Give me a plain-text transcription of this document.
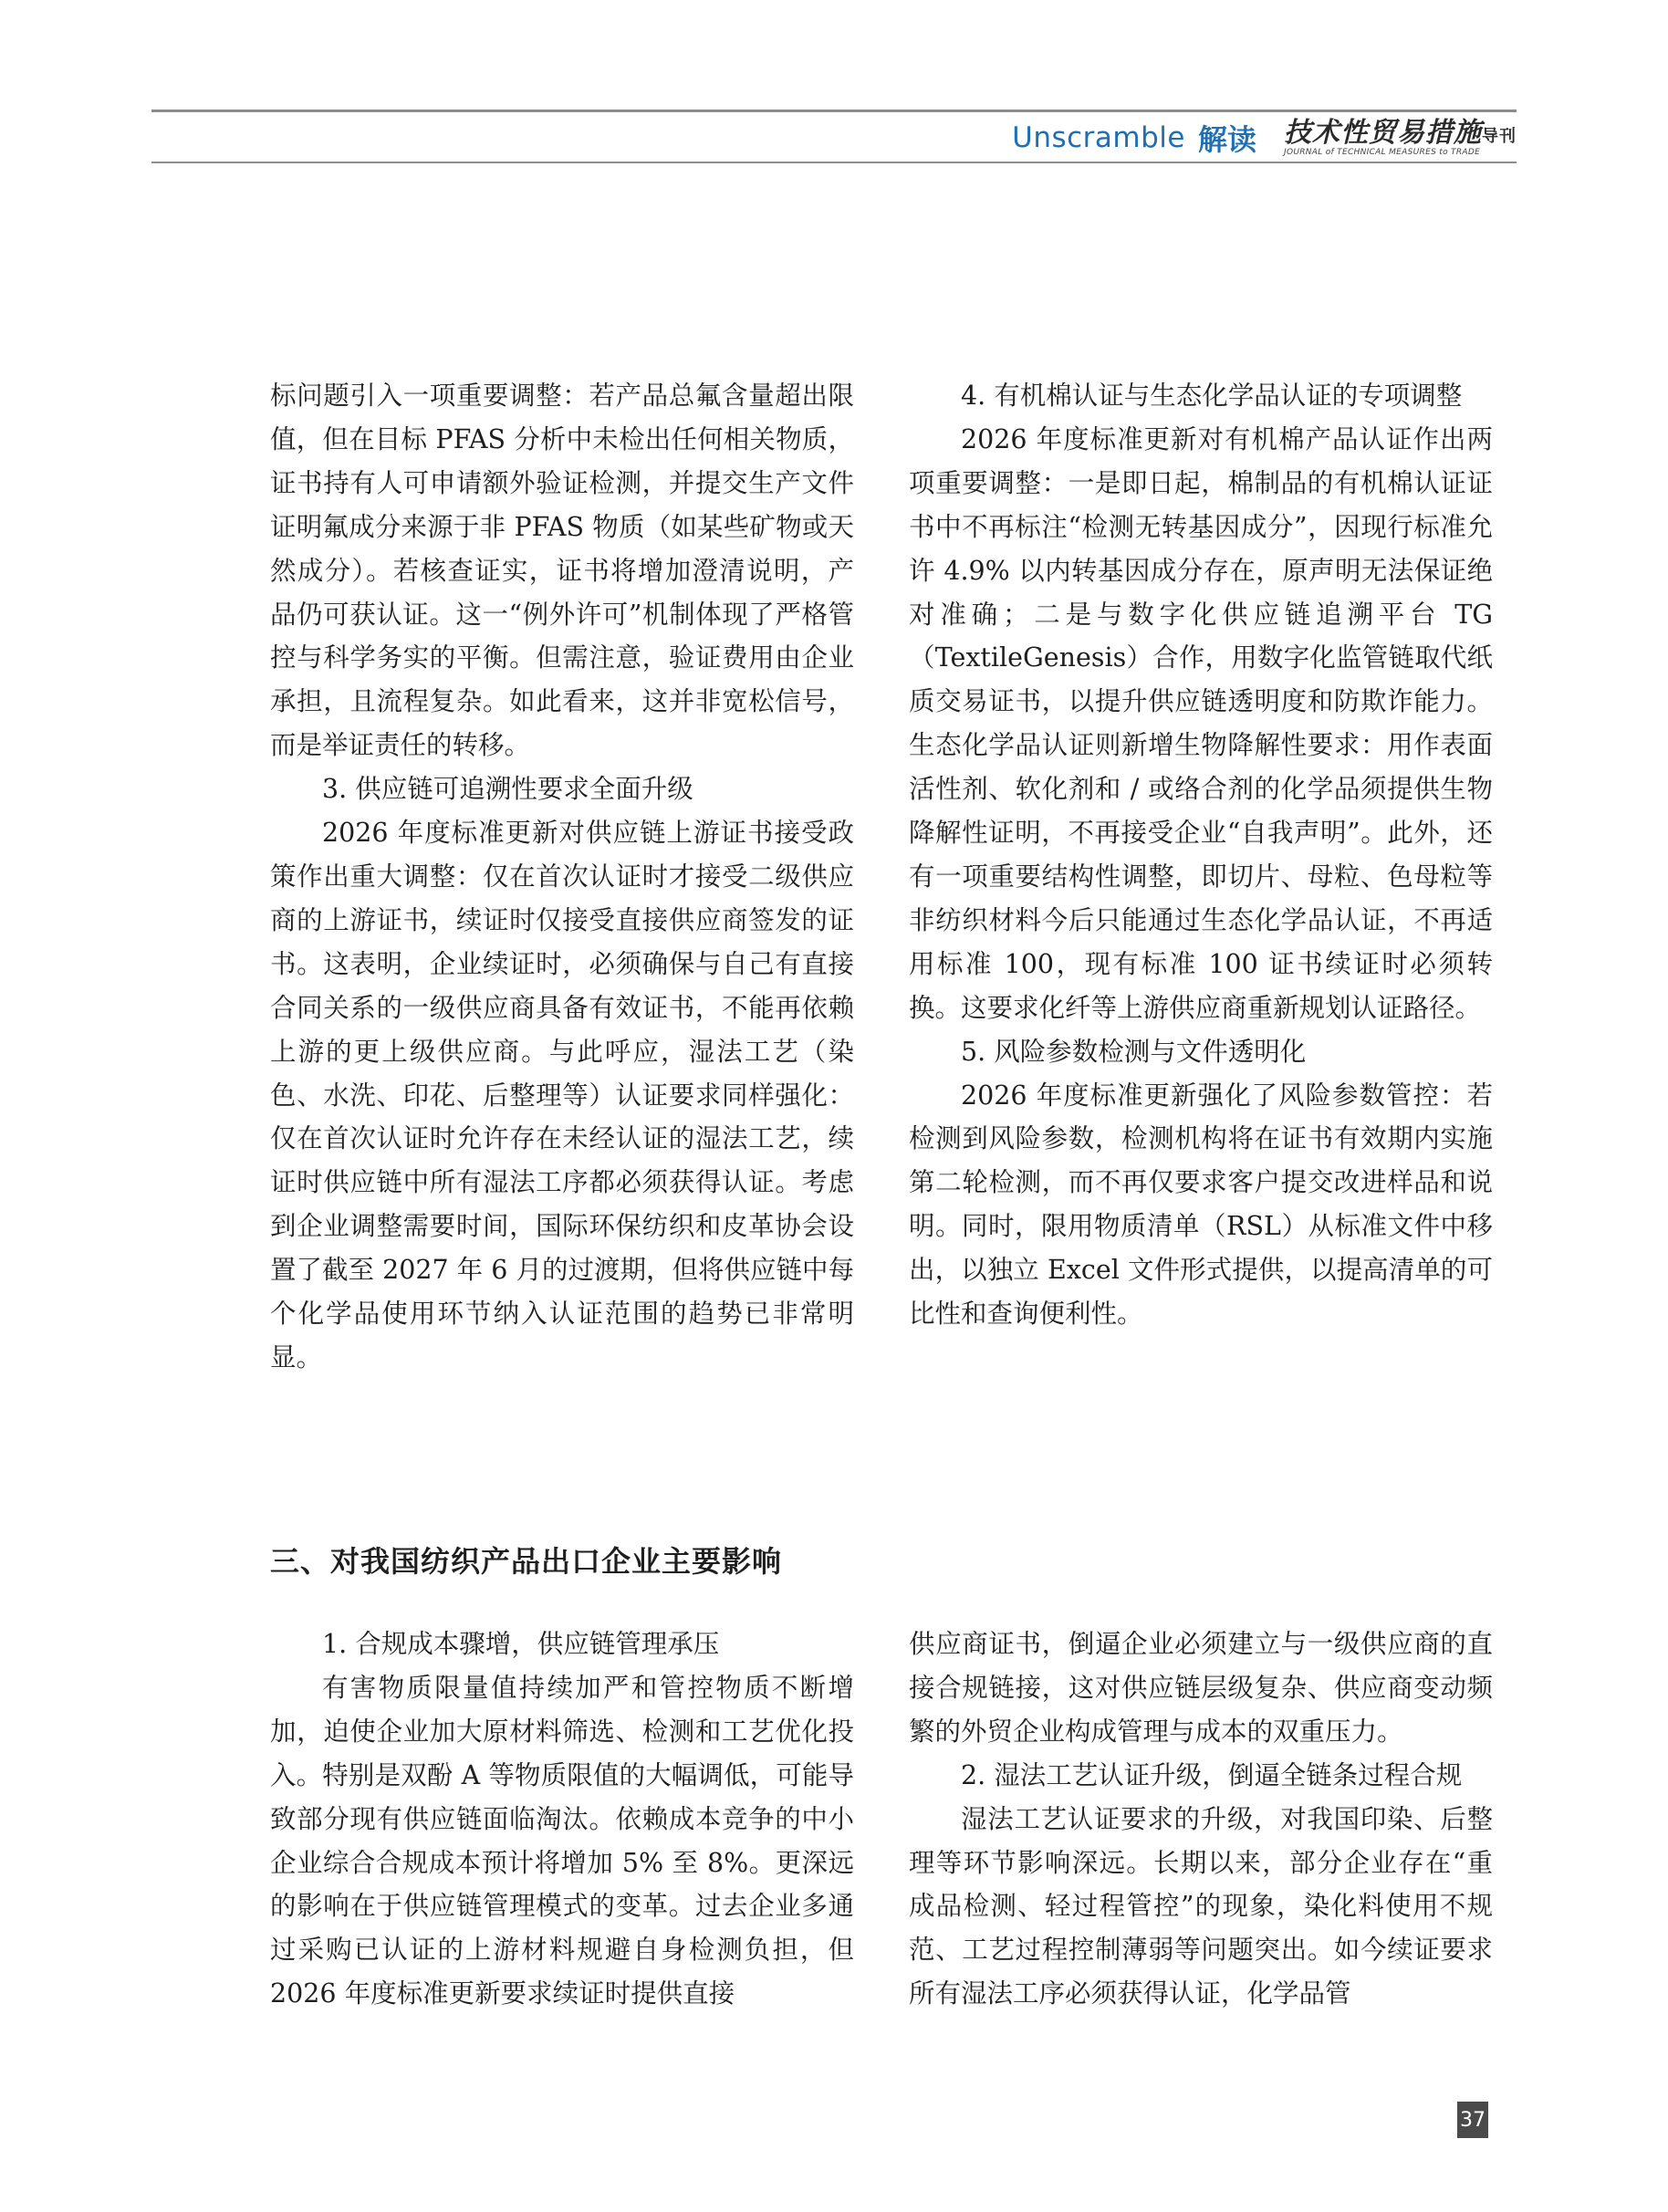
Unscramble 解读 技术性贸易措施导刊
JOURNAL of TECHNICAL MEASURES to TRADE

标问题引入一项重要调整：若产品总氟含量超出限值，但在目标 PFAS 分析中未检出任何相关物质，证书持有人可申请额外验证检测，并提交生产文件证明氟成分来源于非 PFAS 物质（如某些矿物或天然成分）。若核查证实，证书将增加澄清说明，产品仍可获认证。这一“例外许可”机制体现了严格管控与科学务实的平衡。但需注意，验证费用由企业承担，且流程复杂。如此看来，这并非宽松信号，而是举证责任的转移。

3. 供应链可追溯性要求全面升级

2026 年度标准更新对供应链上游证书接受政策作出重大调整：仅在首次认证时才接受二级供应商的上游证书，续证时仅接受直接供应商签发的证书。这表明，企业续证时，必须确保与自己有直接合同关系的一级供应商具备有效证书，不能再依赖上游的更上级供应商。与此呼应，湿法工艺（染色、水洗、印花、后整理等）认证要求同样强化：仅在首次认证时允许存在未经认证的湿法工艺，续证时供应链中所有湿法工序都必须获得认证。考虑到企业调整需要时间，国际环保纺织和皮革协会设置了截至 2027 年 6 月的过渡期，但将供应链中每个化学品使用环节纳入认证范围的趋势已非常明显。

4. 有机棉认证与生态化学品认证的专项调整

2026 年度标准更新对有机棉产品认证作出两项重要调整：一是即日起，棉制品的有机棉认证证书中不再标注“检测无转基因成分”，因现行标准允许 4.9% 以内转基因成分存在，原声明无法保证绝对准确；二是与数字化供应链追溯平台 TG（TextileGenesis）合作，用数字化监管链取代纸质交易证书，以提升供应链透明度和防欺诈能力。生态化学品认证则新增生物降解性要求：用作表面活性剂、软化剂和 / 或络合剂的化学品须提供生物降解性证明，不再接受企业“自我声明”。此外，还有一项重要结构性调整，即切片、母粒、色母粒等非纺织材料今后只能通过生态化学品认证，不再适用标准 100，现有标准 100 证书续证时必须转换。这要求化纤等上游供应商重新规划认证路径。

5. 风险参数检测与文件透明化

2026 年度标准更新强化了风险参数管控：若检测到风险参数，检测机构将在证书有效期内实施第二轮检测，而不再仅要求客户提交改进样品和说明。同时，限用物质清单（RSL）从标准文件中移出，以独立 Excel 文件形式提供，以提高清单的可比性和查询便利性。

三、对我国纺织产品出口企业主要影响

1. 合规成本骤增，供应链管理承压

有害物质限量值持续加严和管控物质不断增加，迫使企业加大原材料筛选、检测和工艺优化投入。特别是双酚 A 等物质限值的大幅调低，可能导致部分现有供应链面临淘汰。依赖成本竞争的中小企业综合合规成本预计将增加 5% 至 8%。更深远的影响在于供应链管理模式的变革。过去企业多通过采购已认证的上游材料规避自身检测负担，但 2026 年度标准更新要求续证时提供直接

供应商证书，倒逼企业必须建立与一级供应商的直接合规链接，这对供应链层级复杂、供应商变动频繁的外贸企业构成管理与成本的双重压力。

2. 湿法工艺认证升级，倒逼全链条过程合规

湿法工艺认证要求的升级，对我国印染、后整理等环节影响深远。长期以来，部分企业存在“重成品检测、轻过程管控”的现象，染化料使用不规范、工艺过程控制薄弱等问题突出。如今续证要求所有湿法工序必须获得认证，化学品管

37
